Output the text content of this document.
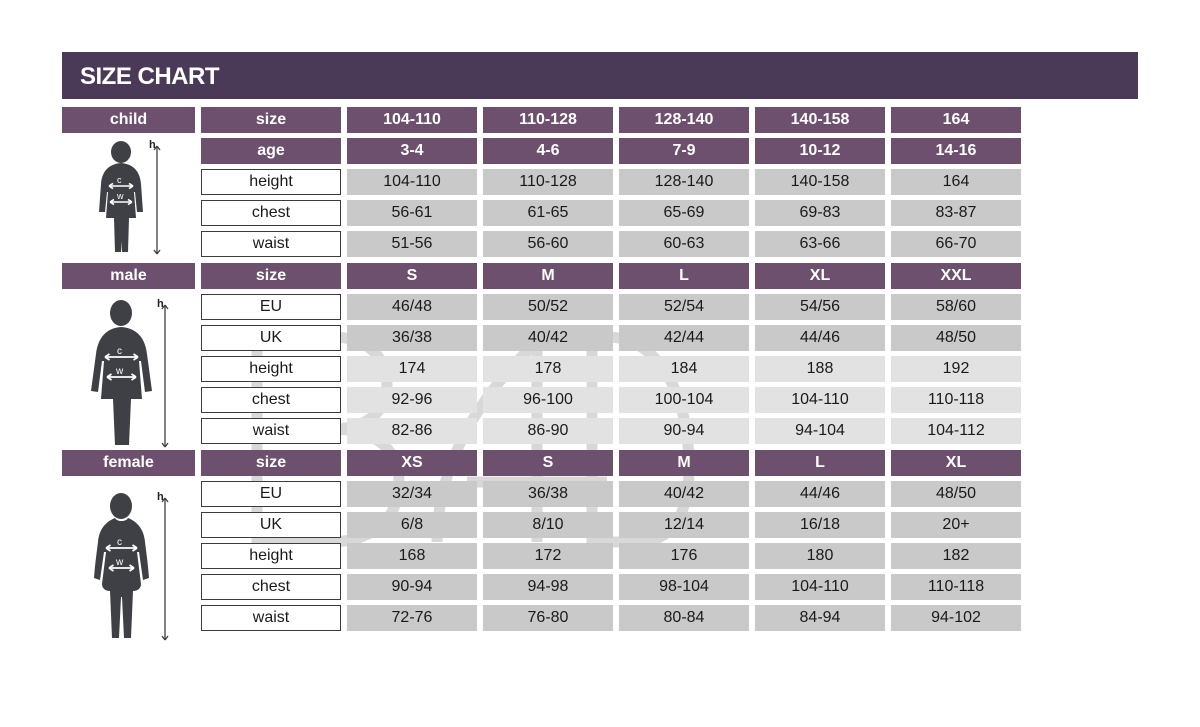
SIZE CHART
c
w
h
c
w
h
c
w
h
child	size	104-110	110-128	128-140	140-158	164
age	3-4	4-6	7-9	10-12	14-16
height	104-110	110-128	128-140	140-158	164
chest	56-61	61-65	65-69	69-83	83-87
waist	51-56	56-60	60-63	63-66	66-70
male	size	S	M	L	XL	XXL
EU	46/48	50/52	52/54	54/56	58/60
UK	36/38	40/42	42/44	44/46	48/50
height	174	178	184	188	192
chest	92-96	96-100	100-104	104-110	110-118
waist	82-86	86-90	90-94	94-104	104-112
female	size	XS	S	M	L	XL
EU	32/34	36/38	40/42	44/46	48/50
UK	6/8	8/10	12/14	16/18	20+
height	168	172	176	180	182
chest	90-94	94-98	98-104	104-110	110-118
waist	72-76	76-80	80-84	84-94	94-102
